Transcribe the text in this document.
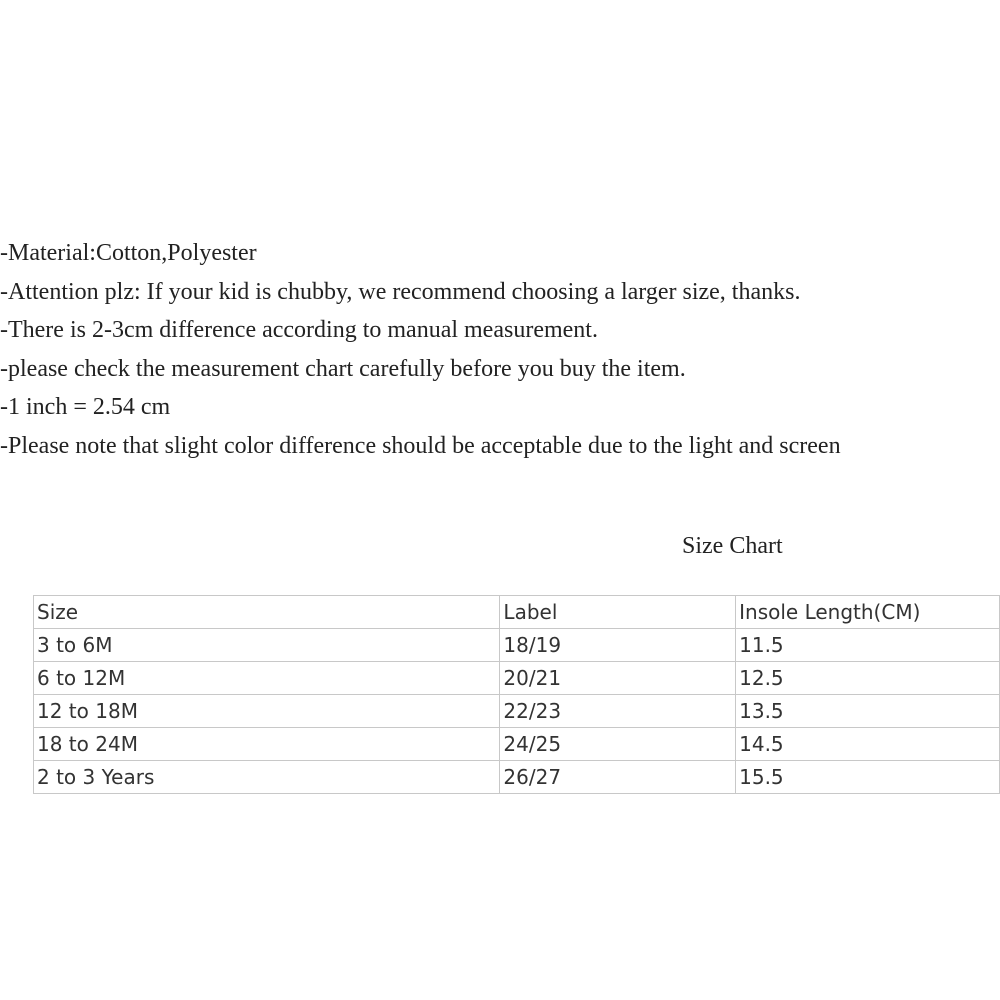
-Material:Cotton,Polyester
-Attention plz: If your kid is chubby, we recommend choosing a larger size, thanks.
-There is 2-3cm difference according to manual measurement.
-please check the measurement chart carefully before you buy the item.
-1 inch = 2.54 cm
-Please note that slight color difference should be acceptable due to the light and screen
Size Chart
Size	Label	Insole Length(CM)
3 to 6M	18/19	11.5
6 to 12M	20/21	12.5
12 to 18M	22/23	13.5
18 to 24M	24/25	14.5
2 to 3 Years	26/27	15.5
